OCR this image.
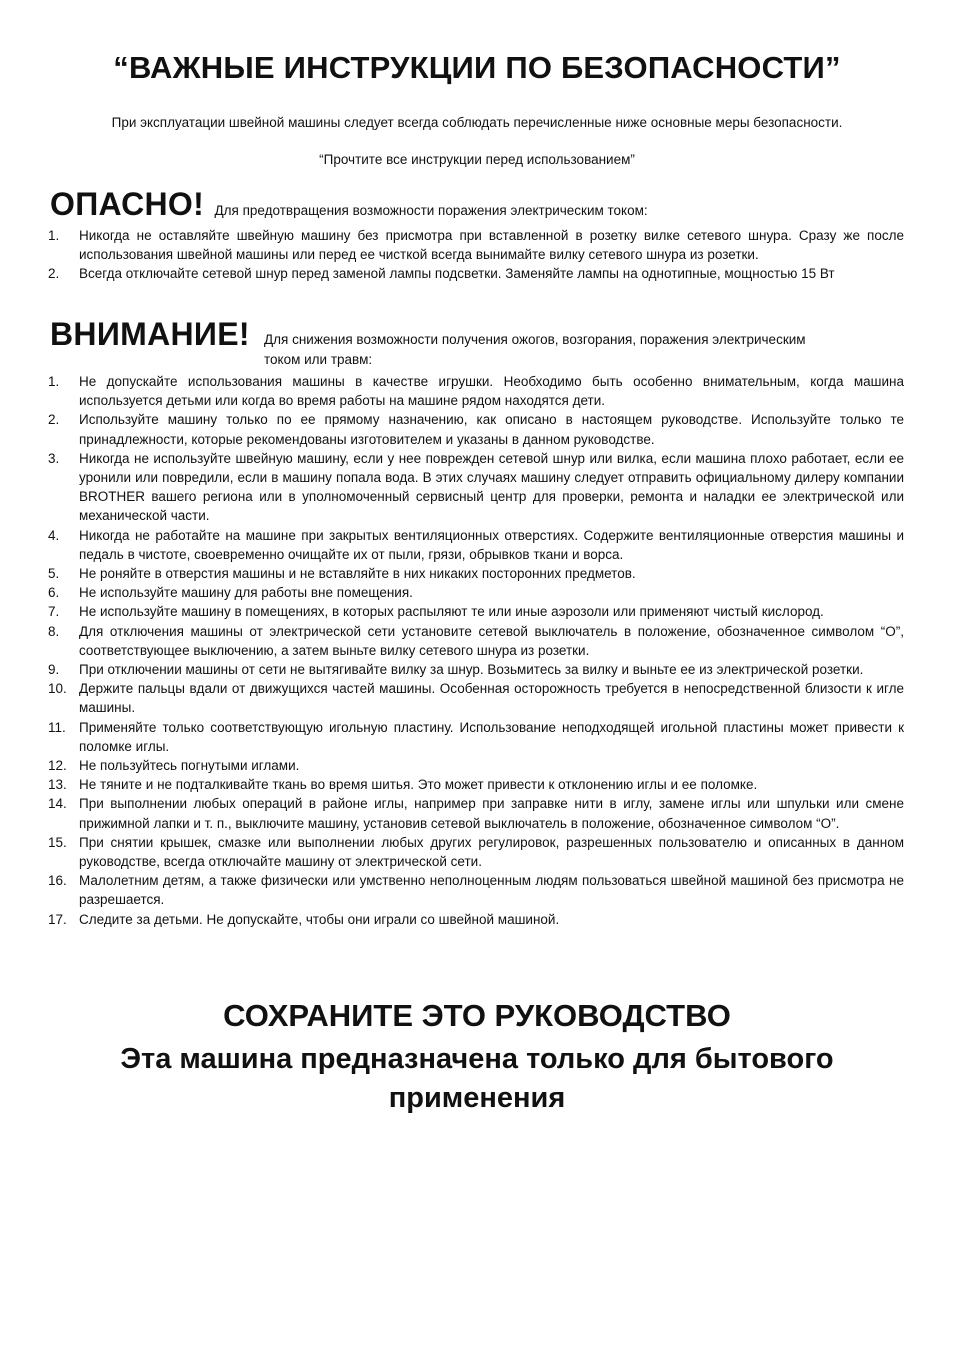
“ВАЖНЫЕ ИНСТРУКЦИИ ПО БЕЗОПАСНОСТИ”

При эксплуатации швейной машины следует всегда соблюдать перечисленные ниже основные меры безопасности.

“Прочтите все инструкции перед использованием”

ОПАСНО! Для предотвращения возможности поражения электрическим током:
1.	Никогда не оставляйте швейную машину без присмотра при вставленной в розетку вилке сетевого шнура. Сразу же после использования швейной машины или перед ее чисткой всегда вынимайте вилку сетевого шнура из розетки.
2.	Всегда отключайте сетевой шнур перед заменой лампы подсветки. Заменяйте лампы на однотипные, мощностью 15 Вт
ВНИМАНИЕ! Для снижения возможности получения ожогов, возгорания, поражения электрическим
током или травм:
1.	Не допускайте использования машины в качестве игрушки. Необходимо быть особенно внимательным, когда машина используется детьми или когда во время работы на машине рядом находятся дети.
2.	Используйте машину только по ее прямому назначению, как описано в настоящем руководстве. Используйте только те принадлежности, которые рекомендованы изготовителем и указаны в данном руководстве.
3.	Никогда не используйте швейную машину, если у нее поврежден сетевой шнур или вилка, если машина плохо работает, если ее уронили или повредили, если в машину попала вода. В этих случаях машину следует отправить официальному дилеру компании BROTHER вашего региона или в уполномоченный сервисный центр для проверки, ремонта и наладки ее электрической или механической части.
4.	Никогда не работайте на машине при закрытых вентиляционных отверстиях. Содержите вентиляционные отверстия машины и педаль в чистоте, своевременно очищайте их от пыли, грязи, обрывков ткани и ворса.
5.	Не роняйте в отверстия машины и не вставляйте в них никаких посторонних предметов.
6.	Не используйте машину для работы вне помещения.
7.	Не используйте машину в помещениях, в которых распыляют те или иные аэрозоли или применяют чистый кислород.
8.	Для отключения машины от электрической сети установите сетевой выключатель в положение, обозначенное символом “O”, соответствующее выключению, а затем выньте вилку сетевого шнура из розетки.
9.	При отключении машины от сети не вытягивайте вилку за шнур. Возьмитесь за вилку и выньте ее из электрической розетки.
10. Держите пальцы вдали от движущихся частей машины. Особенная осторожность требуется в непосредственной близости к игле машины.
11. Применяйте только соответствующую игольную пластину. Использование неподходящей игольной пластины может привести к поломке иглы.
12. Не пользуйтесь погнутыми иглами.
13. Не тяните и не подталкивайте ткань во время шитья. Это может привести к отклонению иглы и ее поломке.
14. При выполнении любых операций в районе иглы, например при заправке нити в иглу, замене иглы или шпульки или смене прижимной лапки и т. п., выключите машину, установив сетевой выключатель в положение, обозначенное символом “O”.
15. При снятии крышек, смазке или выполнении любых других регулировок, разрешенных пользователю и описанных в данном руководстве, всегда отключайте машину от электрической сети.
16. Малолетним детям, а также физически или умственно неполноценным людям пользоваться швейной машиной без присмотра не разрешается.
17. Следите за детьми. Не допускайте, чтобы они играли со швейной машиной.
СОХРАНИТЕ ЭТО РУКОВОДСТВО
Эта машина предназначена только для бытового применения
